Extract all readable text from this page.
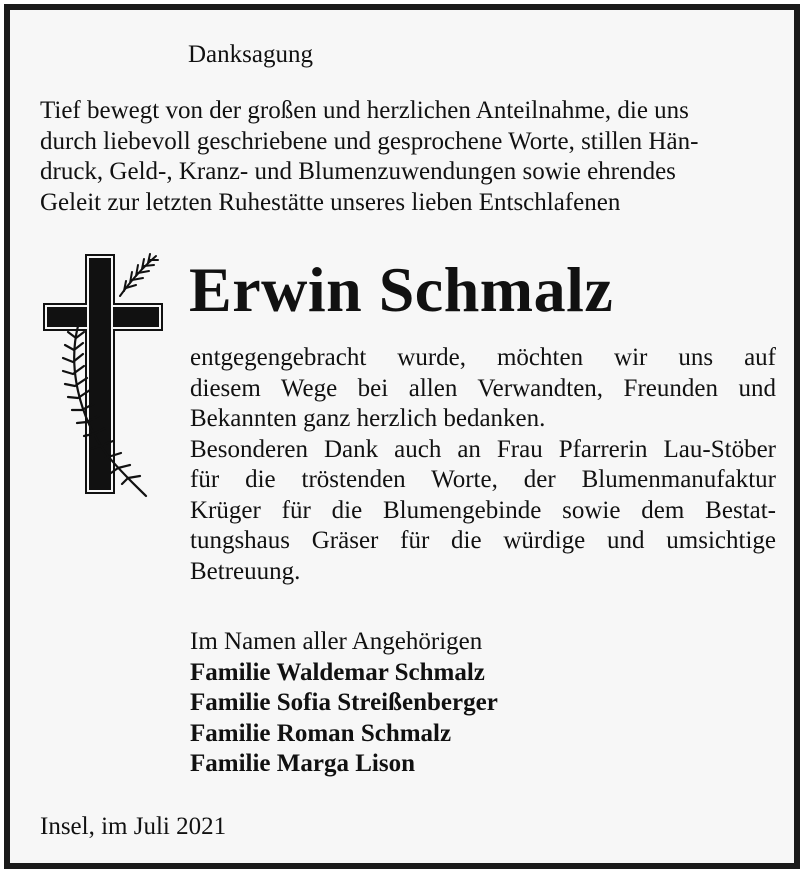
Danksagung

Tief bewegt von der großen und herzlichen Anteilnahme, die uns
durch liebevoll geschriebene und gesprochene Worte, stillen Hän-
druck, Geld-, Kranz- und Blumenzuwendungen sowie ehrendes
Geleit zur letzten Ruhestätte unseres lieben Entschlafenen

Erwin Schmalz

entgegengebracht wurde, möchten wir uns auf
diesem Wege bei allen Verwandten, Freunden und
Bekannten ganz herzlich bedanken.
Besonderen Dank auch an Frau Pfarrerin Lau-Stöber
für die tröstenden Worte, der Blumenmanufaktur
Krüger für die Blumengebinde sowie dem Bestat-
tungshaus Gräser für die würdige und umsichtige
Betreuung.

Im Namen aller Angehörigen
Familie Waldemar Schmalz
Familie Sofia Streißenberger
Familie Roman Schmalz
Familie Marga Lison

Insel, im Juli 2021
